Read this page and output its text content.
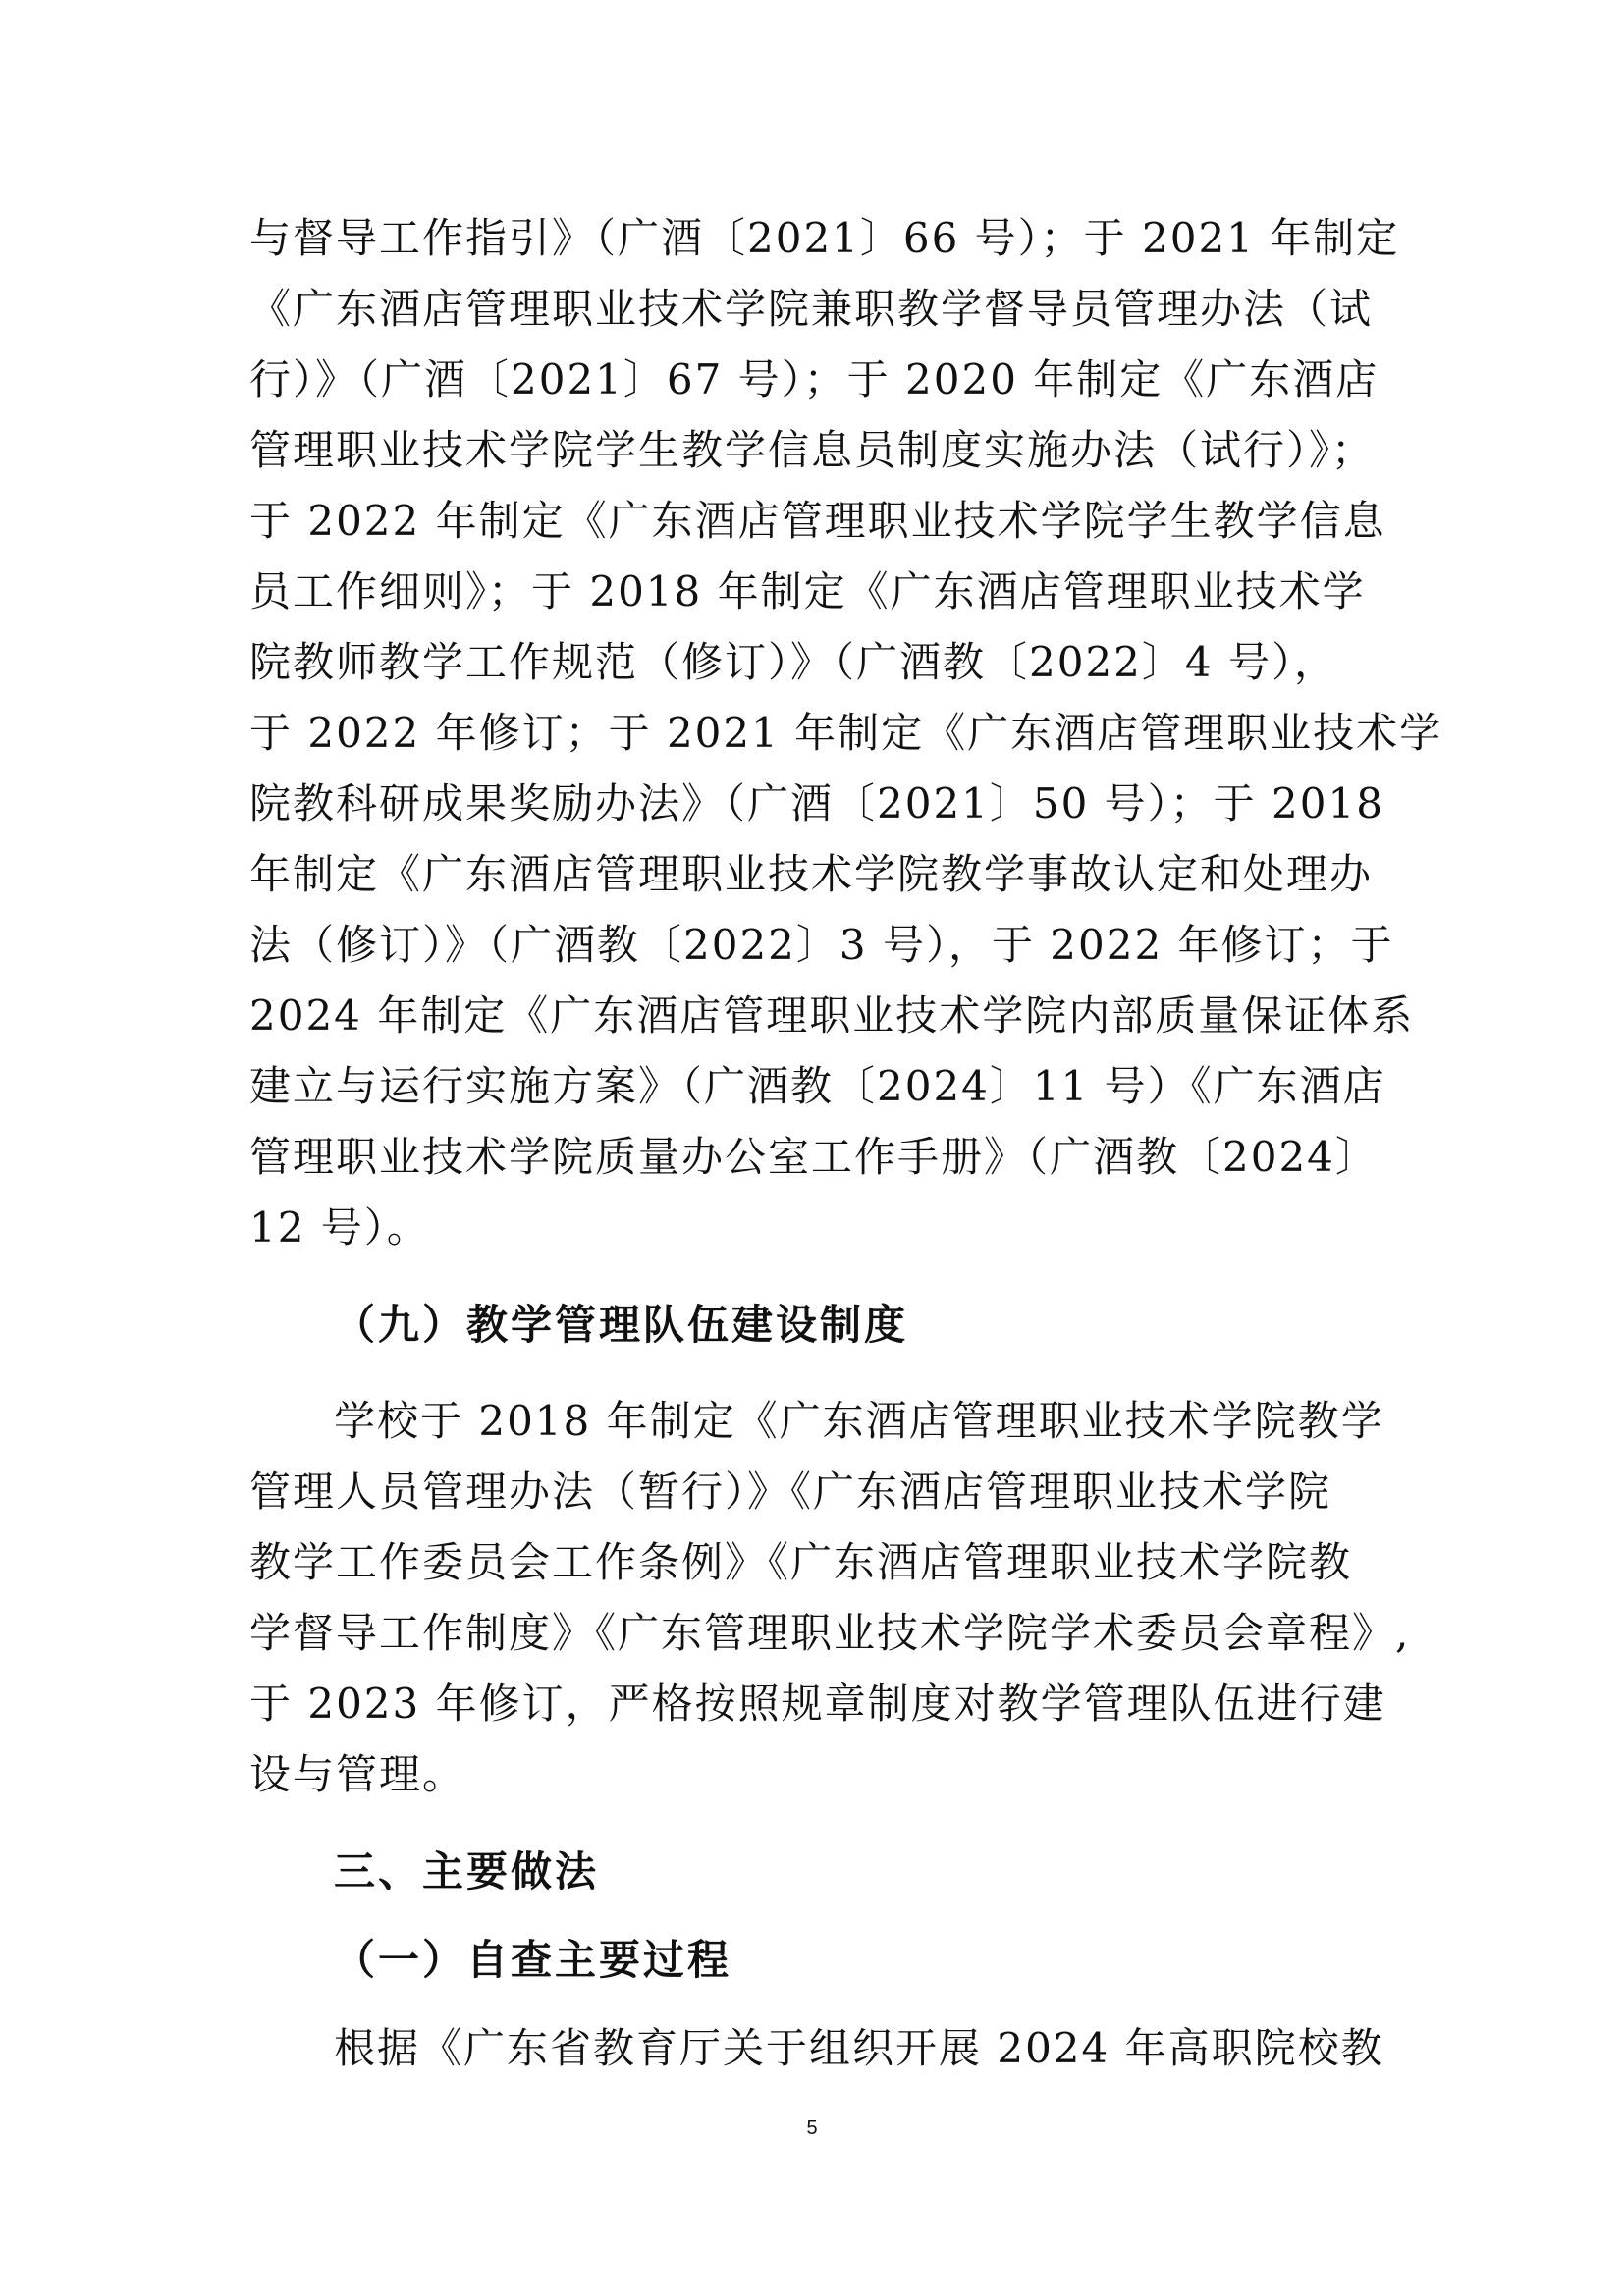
与督导工作指引》（广酒〔2021〕66 号）；于 2021 年制定
《广东酒店管理职业技术学院兼职教学督导员管理办法（试
行）》（广酒〔2021〕67 号）；于 2020 年制定《广东酒店
管理职业技术学院学生教学信息员制度实施办法（试行）》；
于 2022 年制定《广东酒店管理职业技术学院学生教学信息
员工作细则》；于 2018 年制定《广东酒店管理职业技术学
院教师教学工作规范（修订）》（广酒教〔2022〕4 号），
于 2022 年修订；于 2021 年制定《广东酒店管理职业技术学
院教科研成果奖励办法》（广酒〔2021〕50 号）；于 2018
年制定《广东酒店管理职业技术学院教学事故认定和处理办
法（修订）》（广酒教〔2022〕3 号），于 2022 年修订；于
2024 年制定《广东酒店管理职业技术学院内部质量保证体系
建立与运行实施方案》（广酒教〔2024〕11 号）《广东酒店
管理职业技术学院质量办公室工作手册》（广酒教〔2024〕
12 号）。
（九）教学管理队伍建设制度
学校于 2018 年制定《广东酒店管理职业技术学院教学
管理人员管理办法（暂行）》《广东酒店管理职业技术学院
教学工作委员会工作条例》《广东酒店管理职业技术学院教
学督导工作制度》《广东管理职业技术学院学术委员会章程》,
于 2023 年修订，严格按照规章制度对教学管理队伍进行建
设与管理。
三、主要做法
（一）自查主要过程
根据《广东省教育厅关于组织开展 2024 年高职院校教
5
